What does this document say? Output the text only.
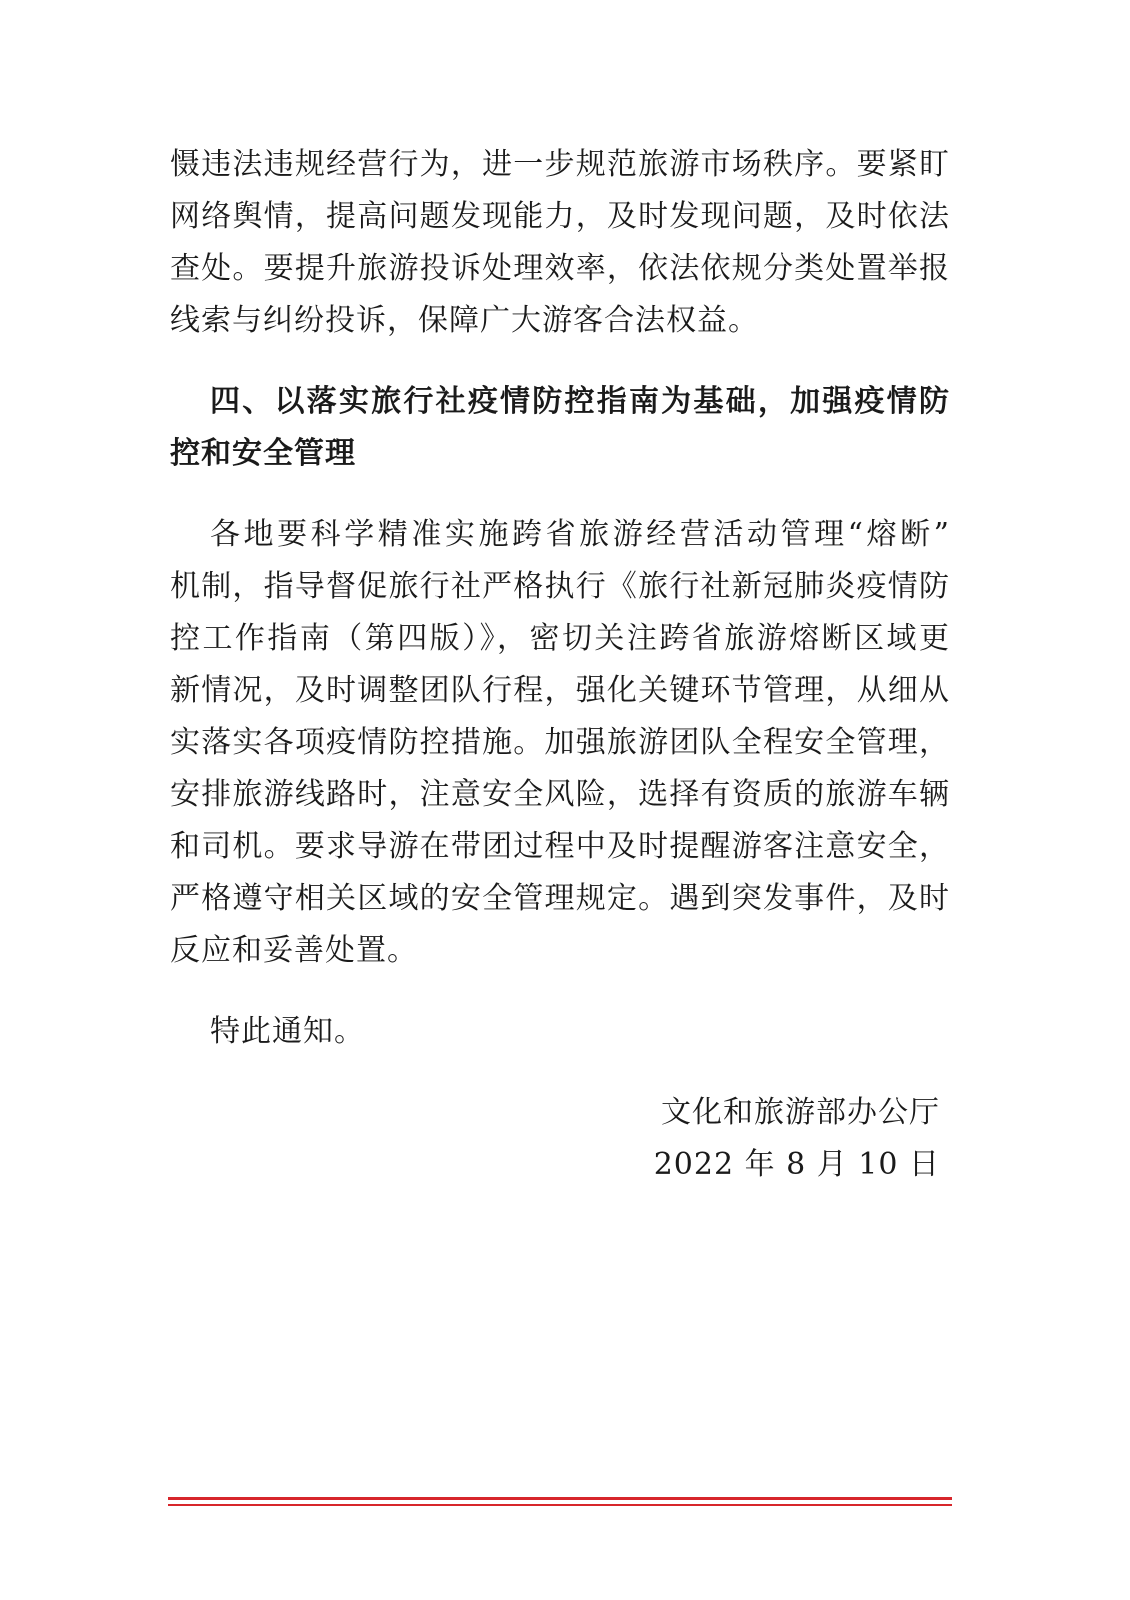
慑违法违规经营行为，进一步规范旅游市场秩序。要紧盯
网络舆情，提高问题发现能力，及时发现问题，及时依法
查处。要提升旅游投诉处理效率，依法依规分类处置举报
线索与纠纷投诉，保障广大游客合法权益。
四、以落实旅行社疫情防控指南为基础，加强疫情防
控和安全管理
各地要科学精准实施跨省旅游经营活动管理“熔断”
机制，指导督促旅行社严格执行《旅行社新冠肺炎疫情防
控工作指南（第四版）》，密切关注跨省旅游熔断区域更
新情况，及时调整团队行程，强化关键环节管理，从细从
实落实各项疫情防控措施。加强旅游团队全程安全管理，
安排旅游线路时，注意安全风险，选择有资质的旅游车辆
和司机。要求导游在带团过程中及时提醒游客注意安全，
严格遵守相关区域的安全管理规定。遇到突发事件，及时
反应和妥善处置。
特此通知。
文化和旅游部办公厅
2022 年 8 月 10 日
